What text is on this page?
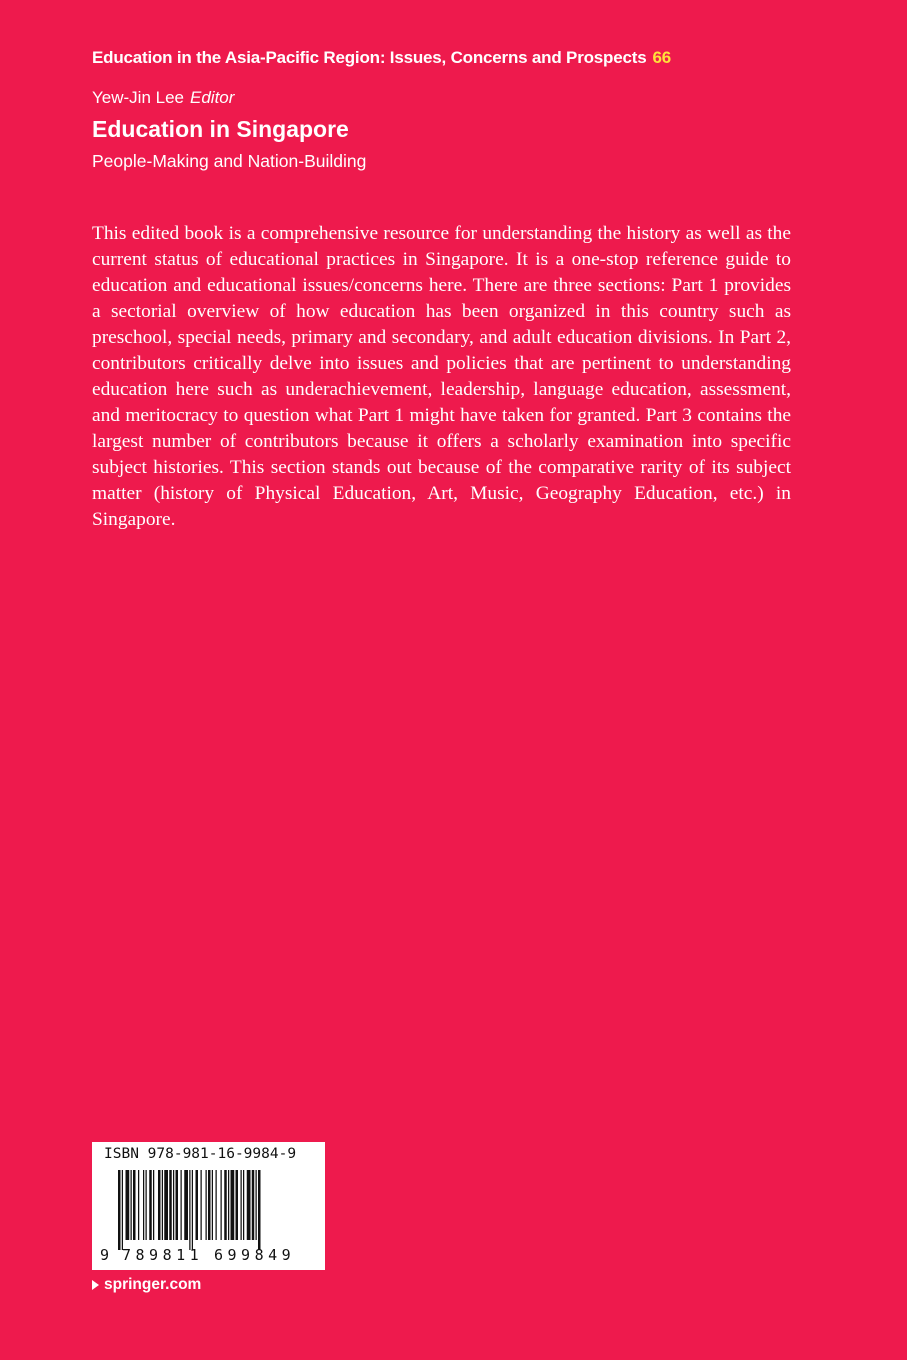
Education in the Asia-Pacific Region: Issues, Concerns and Prospects 66
Yew-Jin Lee Editor
Education in Singapore
People-Making and Nation-Building

This edited book is a comprehensive resource for understanding the history as well as the current status of educational practices in Singapore. It is a one-stop reference guide to education and educational issues/concerns here. There are three sections: Part 1 provides a sectorial overview of how education has been organized in this country such as preschool, special needs, primary and secondary, and adult education divisions. In Part 2, contributors critically delve into issues and policies that are pertinent to understanding education here such as underachievement, leadership, language education, assessment, and meritocracy to question what Part 1 might have taken for granted. Part 3 contains the largest number of contributors because it offers a scholarly examination into specific subject histories. This section stands out because of the comparative rarity of its subject matter (history of Physical Education, Art, Music, Geography Education, etc.) in Singapore.

ISBN 978-981-16-9984-9
9 789811 699849
springer.com
